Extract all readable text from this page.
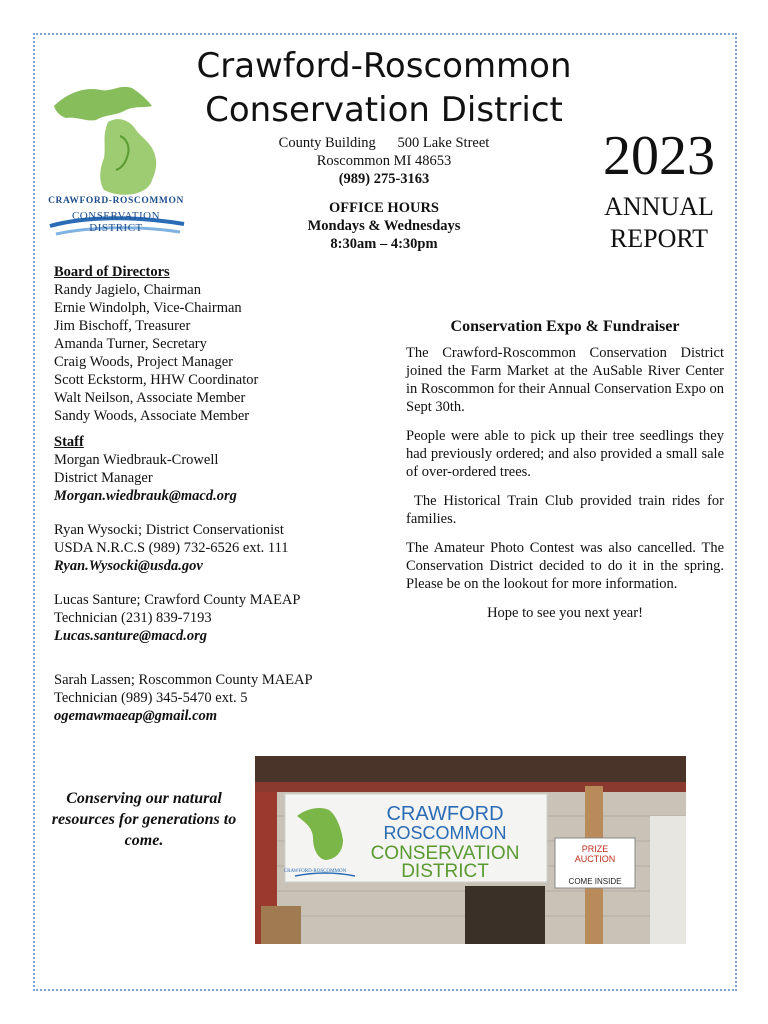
CRAWFORD-ROSCOMMON
CONSERVATION DISTRICT
Crawford-Roscommon
Conservation District
County Building      500 Lake Street
Roscommon MI 48653
(989) 275-3163
OFFICE HOURS
Mondays & Wednesdays
8:30am – 4:30pm
2023
ANNUAL
REPORT
Board of Directors
Randy Jagielo, Chairman
Ernie Windolph, Vice-Chairman
Jim Bischoff, Treasurer
Amanda Turner, Secretary
Craig Woods, Project Manager
Scott Eckstorm, HHW Coordinator
Walt Neilson, Associate Member
Sandy Woods, Associate Member
Staff
Morgan Wiedbrauk-Crowell
District Manager
Morgan.wiedbrauk@macd.org
Ryan Wysocki; District Conservationist
USDA N.R.C.S (989) 732-6526 ext. 111
Ryan.Wysocki@usda.gov
Lucas Santure; Crawford County MAEAP
Technician (231) 839-7193
Lucas.santure@macd.org
Sarah Lassen; Roscommon County MAEAP
Technician (989) 345-5470 ext. 5
ogemawmaeap@gmail.com
Conservation Expo & Fundraiser

The Crawford-Roscommon Conservation District joined the Farm Market at the AuSable River Center in Roscommon for their Annual Conservation Expo on Sept 30th.

People were able to pick up their tree seedlings they had previously ordered; and also provided a small sale of over-ordered trees.

The Historical Train Club provided train rides for families.

The Amateur Photo Contest was also cancelled. The Conservation District decided to do it in the spring. Please be on the lookout for more information.

Hope to see you next year!

Conserving our natural resources for generations to come.
CRAWFORD-ROSCOMMON
CRAWFORD
ROSCOMMON
CONSERVATION
DISTRICT
PRIZE
AUCTION
COME INSIDE
